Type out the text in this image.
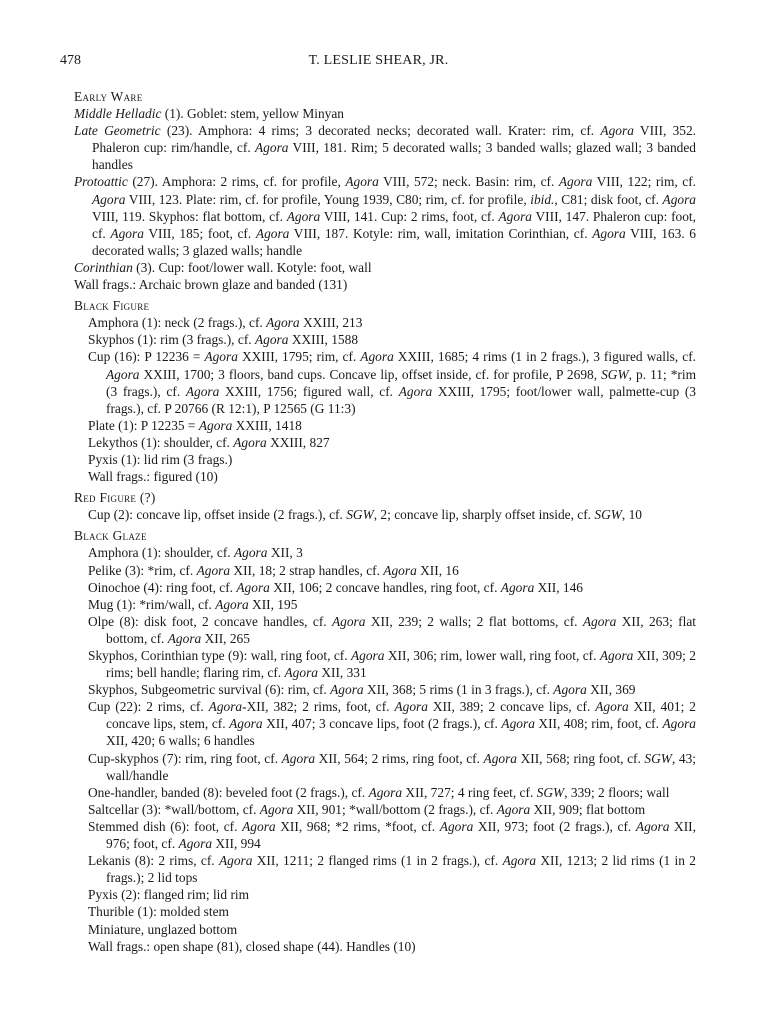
478	T. LESLIE SHEAR, JR.
Early Ware
Middle Helladic (1). Goblet: stem, yellow Minyan
Late Geometric (23). Amphora: 4 rims; 3 decorated necks; decorated wall. Krater: rim, cf. Agora VIII, 352. Phaleron cup: rim/handle, cf. Agora VIII, 181. Rim; 5 decorated walls; 3 banded walls; glazed wall; 3 banded handles
Protoattic (27). Amphora: 2 rims, cf. for profile, Agora VIII, 572; neck. Basin: rim, cf. Agora VIII, 122; rim, cf. Agora VIII, 123. Plate: rim, cf. for profile, Young 1939, C80; rim, cf. for profile, ibid., C81; disk foot, cf. Agora VIII, 119. Skyphos: flat bottom, cf. Agora VIII, 141. Cup: 2 rims, foot, cf. Agora VIII, 147. Phaleron cup: foot, cf. Agora VIII, 185; foot, cf. Agora VIII, 187. Kotyle: rim, wall, imitation Corinthian, cf. Agora VIII, 163. 6 decorated walls; 3 glazed walls; handle
Corinthian (3). Cup: foot/lower wall. Kotyle: foot, wall
Wall frags.: Archaic brown glaze and banded (131)
Black Figure
Amphora (1): neck (2 frags.), cf. Agora XXIII, 213
Skyphos (1): rim (3 frags.), cf. Agora XXIII, 1588
Cup (16): P 12236 = Agora XXIII, 1795; rim, cf. Agora XXIII, 1685; 4 rims (1 in 2 frags.), 3 figured walls, cf. Agora XXIII, 1700; 3 floors, band cups. Concave lip, offset inside, cf. for profile, P 2698, SGW, p. 11; *rim (3 frags.), cf. Agora XXIII, 1756; figured wall, cf. Agora XXIII, 1795; foot/lower wall, palmette-cup (3 frags.), cf. P 20766 (R 12:1), P 12565 (G 11:3)
Plate (1): P 12235 = Agora XXIII, 1418
Lekythos (1): shoulder, cf. Agora XXIII, 827
Pyxis (1): lid rim (3 frags.)
Wall frags.: figured (10)
Red Figure (?)
Cup (2): concave lip, offset inside (2 frags.), cf. SGW, 2; concave lip, sharply offset inside, cf. SGW, 10
Black Glaze
Amphora (1): shoulder, cf. Agora XII, 3
Pelike (3): *rim, cf. Agora XII, 18; 2 strap handles, cf. Agora XII, 16
Oinochoe (4): ring foot, cf. Agora XII, 106; 2 concave handles, ring foot, cf. Agora XII, 146
Mug (1): *rim/wall, cf. Agora XII, 195
Olpe (8): disk foot, 2 concave handles, cf. Agora XII, 239; 2 walls; 2 flat bottoms, cf. Agora XII, 263; flat bottom, cf. Agora XII, 265
Skyphos, Corinthian type (9): wall, ring foot, cf. Agora XII, 306; rim, lower wall, ring foot, cf. Agora XII, 309; 2 rims; bell handle; flaring rim, cf. Agora XII, 331
Skyphos, Subgeometric survival (6): rim, cf. Agora XII, 368; 5 rims (1 in 3 frags.), cf. Agora XII, 369
Cup (22): 2 rims, cf. Agora-XII, 382; 2 rims, foot, cf. Agora XII, 389; 2 concave lips, cf. Agora XII, 401; 2 concave lips, stem, cf. Agora XII, 407; 3 concave lips, foot (2 frags.), cf. Agora XII, 408; rim, foot, cf. Agora XII, 420; 6 walls; 6 handles
Cup-skyphos (7): rim, ring foot, cf. Agora XII, 564; 2 rims, ring foot, cf. Agora XII, 568; ring foot, cf. SGW, 43; wall/handle
One-handler, banded (8): beveled foot (2 frags.), cf. Agora XII, 727; 4 ring feet, cf. SGW, 339; 2 floors; wall
Saltcellar (3): *wall/bottom, cf. Agora XII, 901; *wall/bottom (2 frags.), cf. Agora XII, 909; flat bottom
Stemmed dish (6): foot, cf. Agora XII, 968; *2 rims, *foot, cf. Agora XII, 973; foot (2 frags.), cf. Agora XII, 976; foot, cf. Agora XII, 994
Lekanis (8): 2 rims, cf. Agora XII, 1211; 2 flanged rims (1 in 2 frags.), cf. Agora XII, 1213; 2 lid rims (1 in 2 frags.); 2 lid tops
Pyxis (2): flanged rim; lid rim
Thurible (1): molded stem
Miniature, unglazed bottom
Wall frags.: open shape (81), closed shape (44). Handles (10)
